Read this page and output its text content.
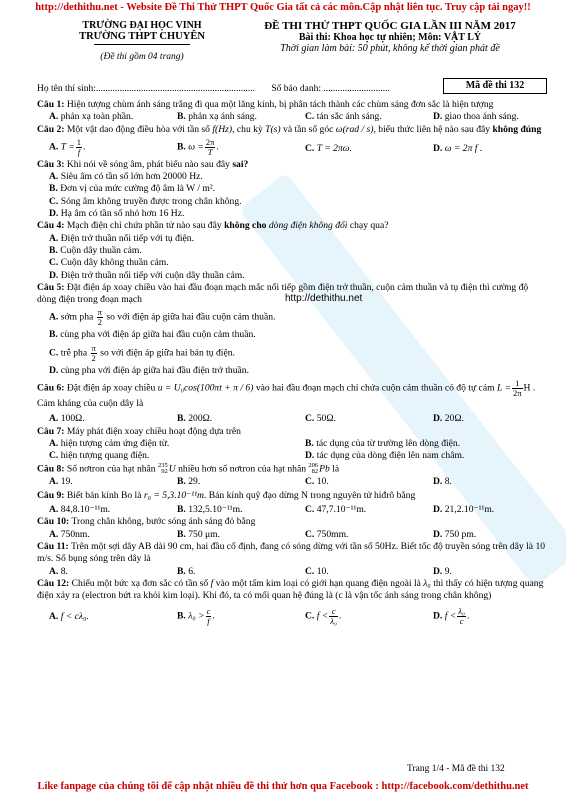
http://dethithu.net - Website Đề Thi Thử THPT Quốc Gia tất cả các môn.Cập nhật liên tục. Truy cập tải ngay!!
TRƯỜNG ĐẠI HỌC VINH
TRƯỜNG THPT CHUYÊN
(Đề thi gồm 04 trang)
ĐỀ THI THỬ THPT QUỐC GIA LẦN III NĂM 2017
Bài thi: Khoa học tự nhiên; Môn: VẬT LÝ
Thời gian làm bài: 50 phút, không kể thời gian phát đề
Họ tên thí sinh:................................................................... Số báo danh: ............................	Mã đề thi 132
http://dethithu.net
Câu 1: Hiện tượng chùm ánh sáng trắng đi qua một lăng kính, bị phân tách thành các chùm sáng đơn sắc là hiện tượng
A. phản xạ toàn phần.	B. phản xạ ánh sáng.	C. tán sắc ánh sáng.	D. giao thoa ánh sáng.
Câu 2: Một vật dao động điều hòa với tần số f(Hz), chu kỳ T(s) và tần số góc ω(rad / s), biểu thức liên hệ nào sau đây không đúng
A. $T = \frac{1}{f}$ .	B. $\omega = \frac{2\pi}{T}$ .	C. T = 2πω.	D. ω = 2π f .
Câu 3: Khi nói về sóng âm, phát biểu nào sau đây sai?
A. Siêu âm có tần số lớn hơn 20000 Hz.
B. Đơn vị của mức cường độ âm là W / m².
C. Sóng âm không truyền được trong chân không.
D. Hạ âm có tần số nhỏ hơn 16 Hz.
Câu 4: Mạch điện chỉ chứa phần tử nào sau đây không cho dòng điện không đổi chạy qua?
A. Điện trở thuần nối tiếp với tụ điện.
B. Cuộn dây thuần cảm.
C. Cuộn dây không thuần cảm.
D. Điện trở thuần nối tiếp với cuộn dây thuần cảm.
Câu 5: Đặt điện áp xoay chiều vào hai đầu đoạn mạch mắc nối tiếp gồm điện trở thuần, cuộn cảm thuần và tụ điện thì cường độ dòng điện trong đoạn mạch
A. sớm pha $\frac{\pi}{2}$ so với điện áp giữa hai đầu cuộn cảm thuần.
B. cùng pha với điện áp giữa hai đầu cuộn cảm thuần.
C. trễ pha $\frac{\pi}{2}$ so với điện áp giữa hai bản tụ điện.
D. cùng pha với điện áp giữa hai đầu điện trở thuần.
Câu 6: Đặt điện áp xoay chiều u = U₀cos(100πt + π / 6) vào hai đầu đoạn mạch chỉ chứa cuộn cảm thuần có độ tự cảm $L = \frac{1}{2\pi}$ H . Cảm kháng của cuộn dây là
A. 100Ω.	B. 200Ω.	C. 50Ω.	D. 20Ω.
Câu 7: Máy phát điện xoay chiều hoạt động dựa trên
A. hiện tượng cảm ứng điện từ.	B. tác dụng của từ trường lên dòng điện.
C. hiện tượng quang điện.	D. tác dụng của dòng điện lên nam châm.
Câu 8: Số nơtron của hạt nhân 235
92 U nhiều hơn số nơtron của hạt nhân 206
82 Pb là
A. 19.	B. 29.	C. 10.	D. 8.
Câu 9: Biết bán kính Bo là r₀ = 5,3.10⁻¹¹m. Bán kính quỹ đạo dừng N trong nguyên tử hiđrô bằng
A. 84,8.10⁻¹¹m.	B. 132,5.10⁻¹¹m.	C. 47,7.10⁻¹¹m.	D. 21,2.10⁻¹¹m.
Câu 10: Trong chân không, bước sóng ánh sáng đỏ bằng
A. 750nm.	B. 750 μm.	C. 750mm.	D. 750 pm.
Câu 11: Trên một sợi dây AB dài 90 cm, hai đầu cố định, đang có sóng dừng với tần số 50Hz. Biết tốc độ truyền sóng trên dây là 10 m/s. Số bụng sóng trên dây là
A. 8.	B. 6.	C. 10.	D. 9.
Câu 12: Chiếu một bức xạ đơn sắc có tần số f vào một tấm kim loại có giới hạn quang điện ngoài là λ₀ thì thấy có hiện tượng quang điện xảy ra (electron bứt ra khỏi kim loại). Khi đó, ta có mối quan hệ đúng là (c là vận tốc ánh sáng trong chân không)
A. f < cλ₀.	B. $\lambda_0 > \frac{c}{f}$ .	C. $f < \frac{c}{\text{λ₀}}$ .	D. $f < \frac{\text{λ₀}}{c}$ .
Trang 1/4 - Mã đề thi 132
Like fanpage của chúng tôi để cập nhật nhiều đề thi thử hơn qua Facebook : http://facebook.com/dethithu.net
